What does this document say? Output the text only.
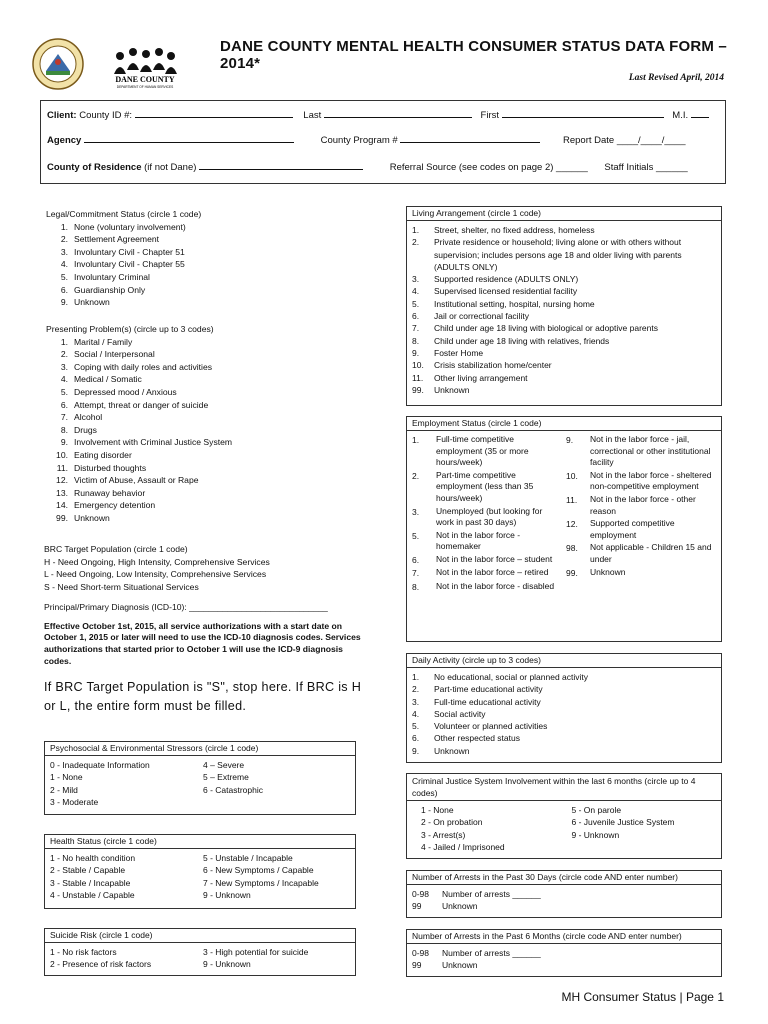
DANE COUNTY
DEPARTMENT OF HUMAN SERVICES
DANE COUNTY MENTAL HEALTH CONSUMER STATUS DATA FORM – 2014*
Last Revised April, 2014
Client: County ID #:	Last	First	M.I.
Agency	County Program #	Report Date ____/____/____
County of Residence (if not Dane)	Referral Source (see codes on page 2) ______ Staff Initials ______
Legal/Commitment Status (circle 1 code)
1. None (voluntary involvement)
2. Settlement Agreement
3. Involuntary Civil - Chapter 51
4. Involuntary Civil - Chapter 55
5. Involuntary Criminal
6. Guardianship Only
9. Unknown
Presenting Problem(s) (circle up to 3 codes)
1. Marital / Family
2. Social / Interpersonal
3. Coping with daily roles and activities
4. Medical / Somatic
5. Depressed mood / Anxious
6. Attempt, threat or danger of suicide
7. Alcohol
8. Drugs
9. Involvement with Criminal Justice System
10. Eating disorder
11. Disturbed thoughts
12. Victim of Abuse, Assault or Rape
13. Runaway behavior
14. Emergency detention
99. Unknown
BRC Target Population (circle 1 code)
H - Need Ongoing, High Intensity, Comprehensive Services
L - Need Ongoing, Low Intensity, Comprehensive Services
S - Need Short-term Situational Services
Principal/Primary Diagnosis (ICD-10): _____________________________
Effective October 1st, 2015, all service authorizations with a start date on October 1, 2015 or later will need to use the ICD-10 diagnosis codes. Services authorizations that started prior to October 1 will use the ICD-9 diagnosis codes.
If BRC Target Population is "S", stop here. If BRC is H or L, the entire form must be filled.
Psychosocial & Environmental Stressors (circle 1 code)
0 - Inadequate Information
1 - None
2 - Mild
3 - Moderate
4 – Severe
5 – Extreme
6 - Catastrophic
Health Status (circle 1 code)
1 - No health condition
2 - Stable / Capable
3 - Stable / Incapable
4 - Unstable / Capable
5 - Unstable / Incapable
6 - New Symptoms / Capable
7 - New Symptoms / Incapable
9 - Unknown
Suicide Risk (circle 1 code)
1 - No risk factors
2 - Presence of risk factors
3 - High potential for suicide
9 - Unknown
Living Arrangement (circle 1 code)
1. Street, shelter, no fixed address, homeless
2. Private residence or household; living alone or with others without
supervision; includes persons age 18 and older living with parents
(ADULTS ONLY)
3. Supported residence (ADULTS ONLY)
4. Supervised licensed residential facility
5. Institutional setting, hospital, nursing home
6. Jail or correctional facility
7. Child under age 18 living with biological or adoptive parents
8. Child under age 18 living with relatives, friends
9. Foster Home
10. Crisis stabilization home/center
11. Other living arrangement
99. Unknown
Employment Status (circle 1 code)
1.	Full-time competitive employment (35 or more hours/week)
2.	Part-time competitive employment (less than 35 hours/week)
3.	Unemployed (but looking for work in past 30 days)
5.	Not in the labor force - homemaker
6.	Not in the labor force – student
7.	Not in the labor force – retired
8.	Not in the labor force - disabled
9.	Not in the labor force - jail, correctional or other institutional facility
10.	Not in the labor force - sheltered non-competitive employment
11.	Not in the labor force - other reason
12.	Supported competitive employment
98.	Not applicable - Children 15 and under
99.	Unknown
Daily Activity (circle up to 3 codes)
1. No educational, social or planned activity
2. Part-time educational activity
3. Full-time educational activity
4. Social activity
5. Volunteer or planned activities
6. Other respected status
9. Unknown
Criminal Justice System Involvement within the last 6 months (circle up to 4 codes)
1 - None
2 - On probation
3 - Arrest(s)
4 - Jailed / Imprisoned
5 - On parole
6 - Juvenile Justice System
9 - Unknown
Number of Arrests in the Past 30 Days (circle code AND enter number)
0-98 Number of arrests ______
99 Unknown
Number of Arrests in the Past 6 Months (circle code AND enter number)
0-98 Number of arrests ______
99 Unknown
MH Consumer Status | Page 1
